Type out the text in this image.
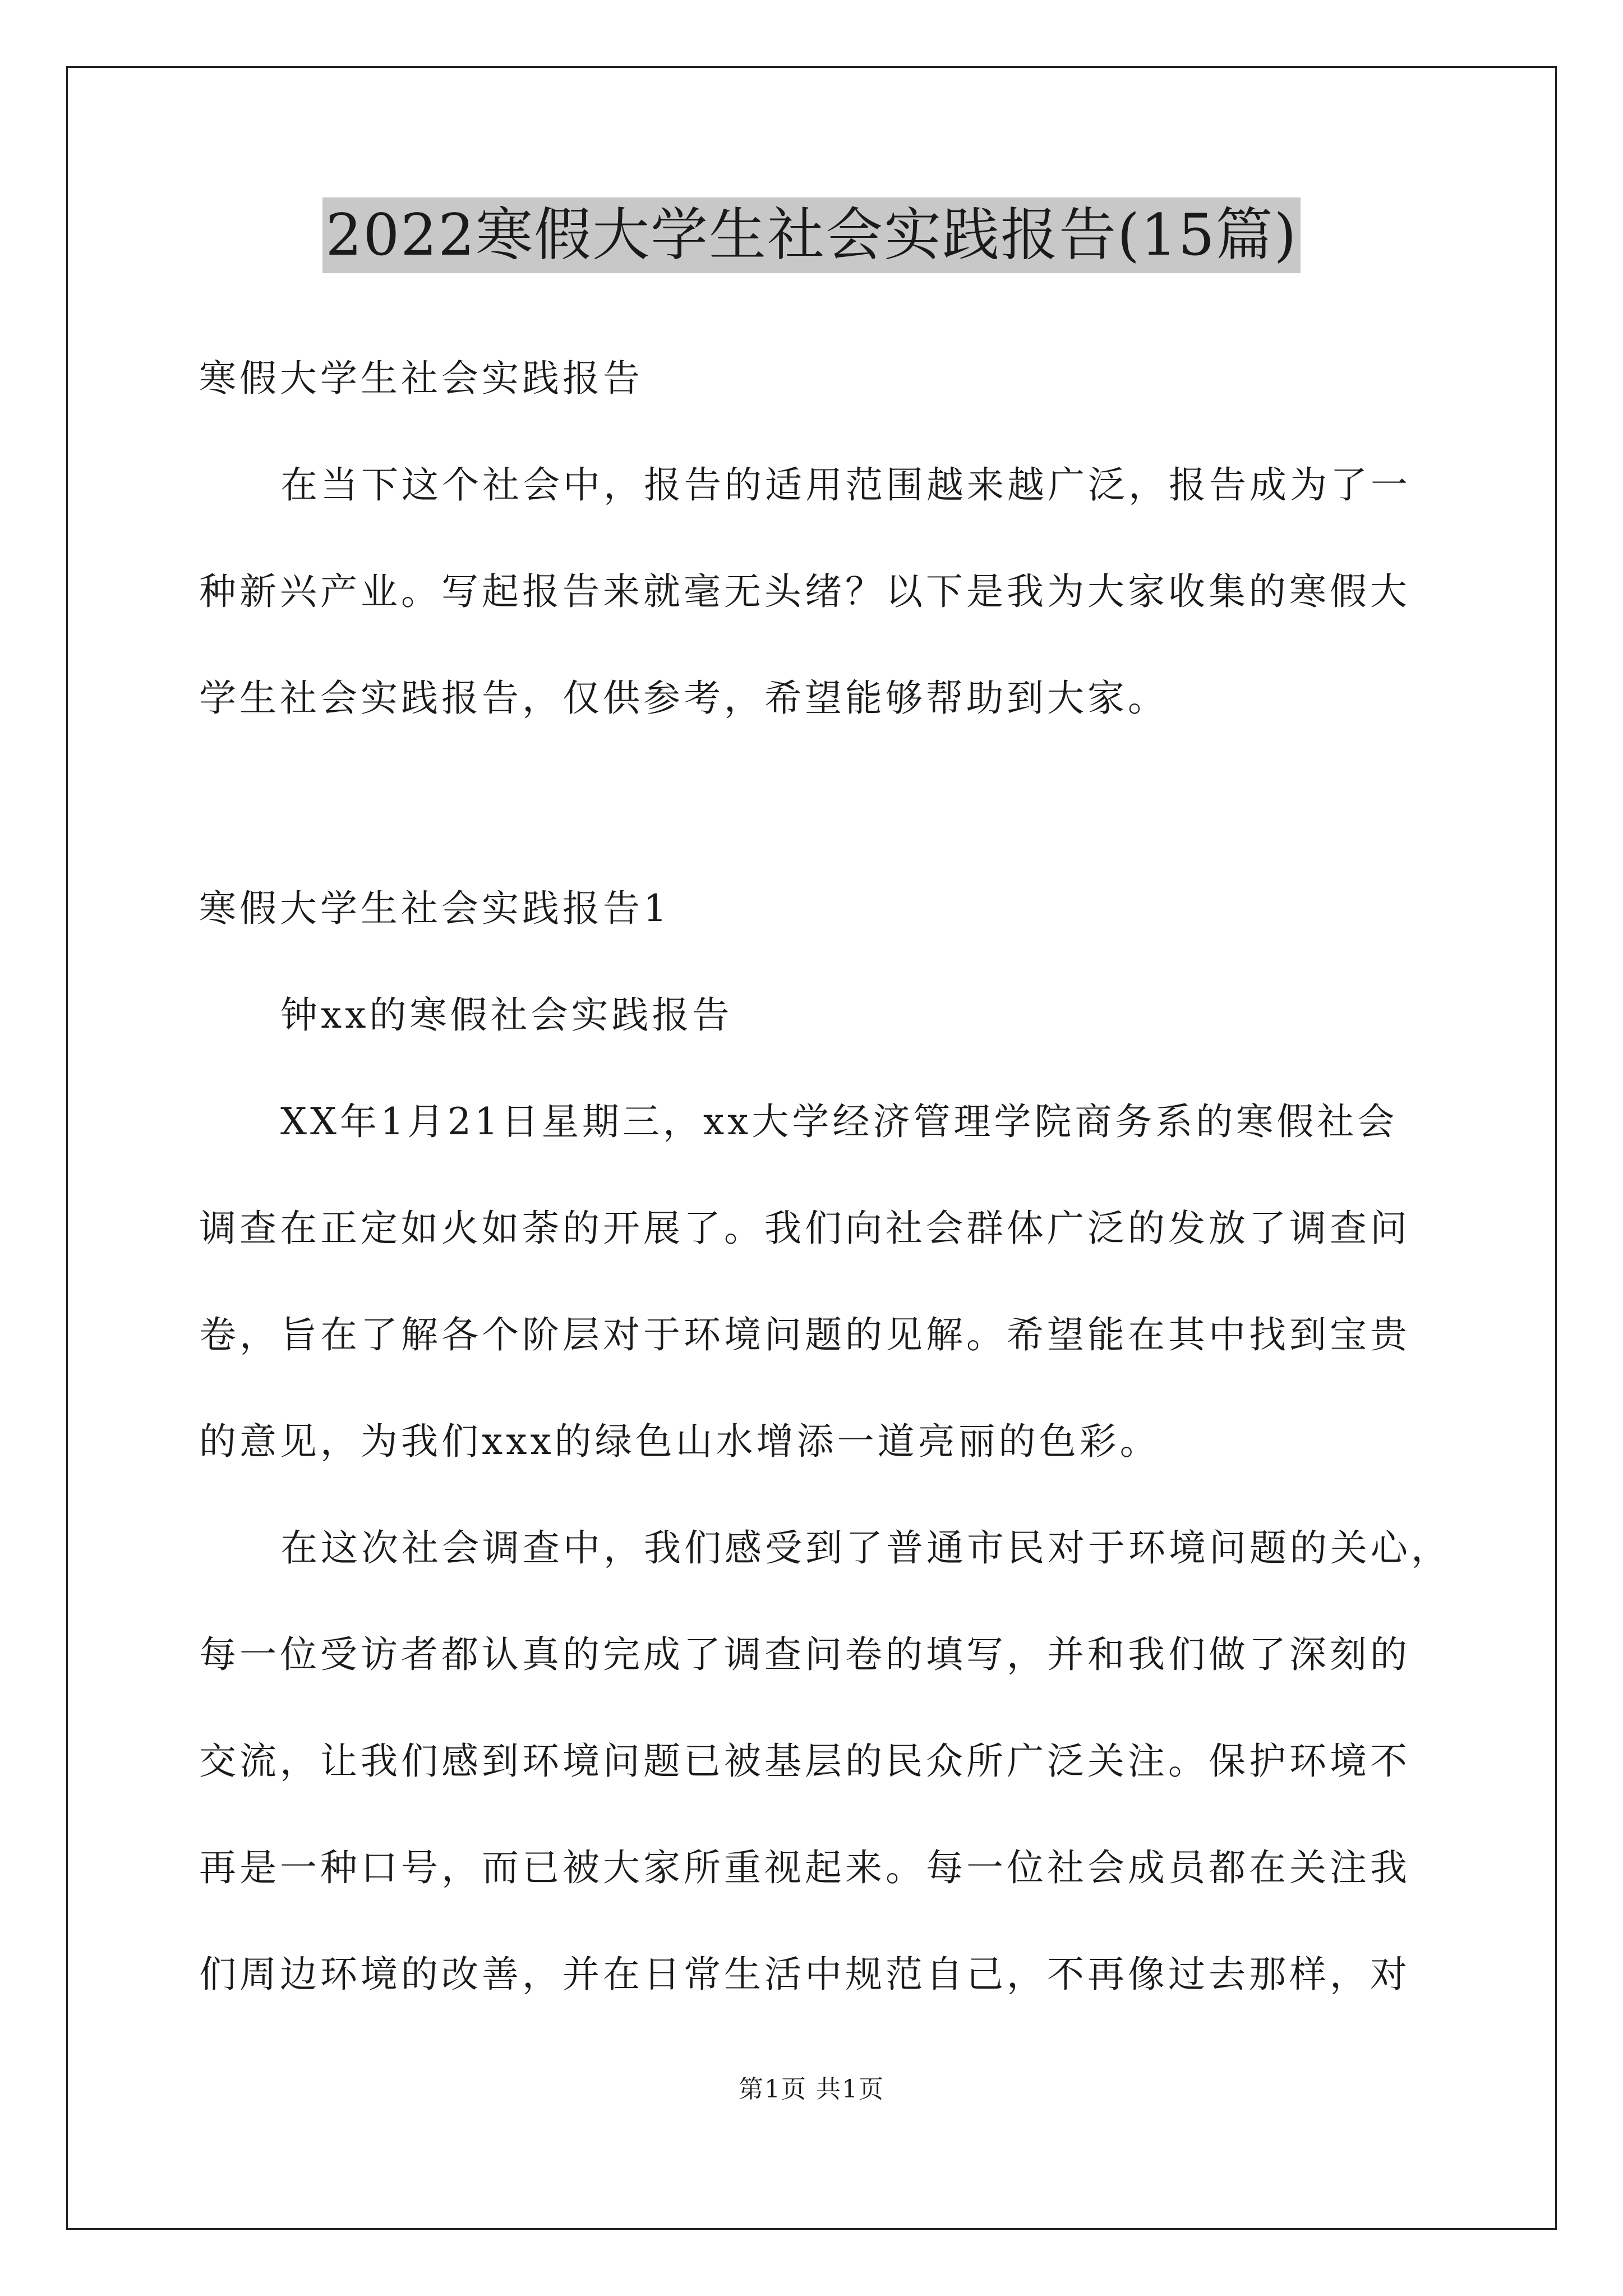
2022寒假大学生社会实践报告(15篇)
寒假大学生社会实践报告
在当下这个社会中，报告的适用范围越来越广泛，报告成为了一
种新兴产业。写起报告来就毫无头绪？以下是我为大家收集的寒假大
学生社会实践报告，仅供参考，希望能够帮助到大家。
寒假大学生社会实践报告1
钟xx的寒假社会实践报告
XX年1月21日星期三，xx大学经济管理学院商务系的寒假社会
调查在正定如火如荼的开展了。我们向社会群体广泛的发放了调查问
卷，旨在了解各个阶层对于环境问题的见解。希望能在其中找到宝贵
的意见，为我们xxx的绿色山水增添一道亮丽的色彩。
在这次社会调查中，我们感受到了普通市民对于环境问题的关心，
每一位受访者都认真的完成了调查问卷的填写，并和我们做了深刻的
交流，让我们感到环境问题已被基层的民众所广泛关注。保护环境不
再是一种口号，而已被大家所重视起来。每一位社会成员都在关注我
们周边环境的改善，并在日常生活中规范自己，不再像过去那样，对
第1页 共1页
